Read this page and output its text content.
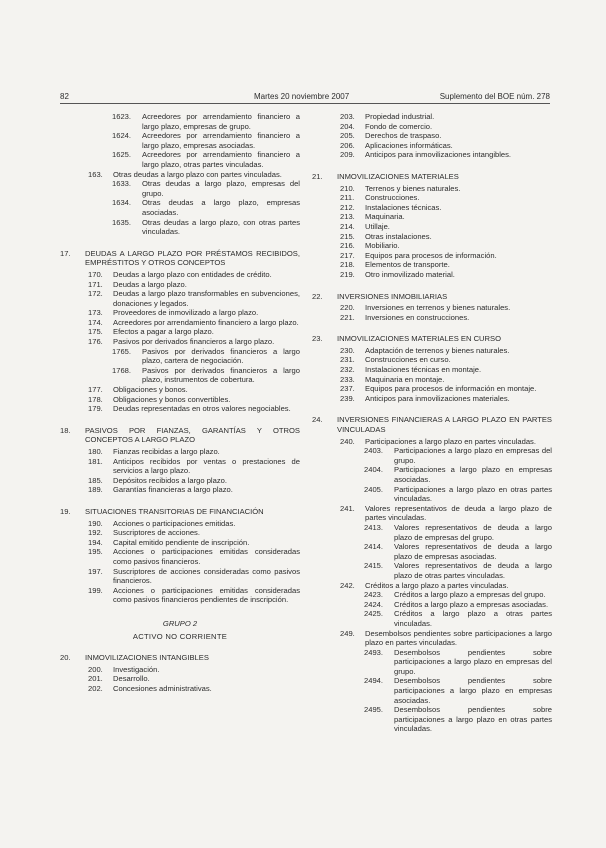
82	Martes 20 noviembre 2007	Suplemento del BOE núm. 278
1623.	Acreedores por arrendamiento financiero a largo plazo, empresas de grupo.
1624.	Acreedores por arrendamiento financiero a largo plazo, empresas asociadas.
1625.	Acreedores por arrendamiento financiero a largo plazo, otras partes vinculadas.
163.	Otras deudas a largo plazo con partes vinculadas.
1633.	Otras deudas a largo plazo, empresas del grupo.
1634.	Otras deudas a largo plazo, empresas asociadas.
1635.	Otras deudas a largo plazo, con otras partes vinculadas.
17.	DEUDAS A LARGO PLAZO POR PRÉSTAMOS RECIBIDOS, EMPRÉSTITOS Y OTROS CONCEPTOS
170.	Deudas a largo plazo con entidades de crédito.
171.	Deudas a largo plazo.
172.	Deudas a largo plazo transformables en subvenciones, donaciones y legados.
173.	Proveedores de inmovilizado a largo plazo.
174.	Acreedores por arrendamiento financiero a largo plazo.
175.	Efectos a pagar a largo plazo.
176.	Pasivos por derivados financieros a largo plazo.
1765.	Pasivos por derivados financieros a largo plazo, cartera de negociación.
1768.	Pasivos por derivados financieros a largo plazo, instrumentos de cobertura.
177.	Obligaciones y bonos.
178.	Obligaciones y bonos convertibles.
179.	Deudas representadas en otros valores negociables.
18.	PASIVOS POR FIANZAS, GARANTÍAS Y OTROS CONCEPTOS A LARGO PLAZO
180.	Fianzas recibidas a largo plazo.
181.	Anticipos recibidos por ventas o prestaciones de servicios a largo plazo.
185.	Depósitos recibidos a largo plazo.
189.	Garantías financieras a largo plazo.
19.	SITUACIONES TRANSITORIAS DE FINANCIACIÓN
190.	Acciones o participaciones emitidas.
192.	Suscriptores de acciones.
194.	Capital emitido pendiente de inscripción.
195.	Acciones o participaciones emitidas consideradas como pasivos financieros.
197.	Suscriptores de acciones consideradas como pasivos financieros.
199.	Acciones o participaciones emitidas consideradas como pasivos financieros pendientes de inscripción.
GRUPO 2
ACTIVO NO CORRIENTE
20.	INMOVILIZACIONES INTANGIBLES
200.	Investigación.
201.	Desarrollo.
202.	Concesiones administrativas.
203.	Propiedad industrial.
204.	Fondo de comercio.
205.	Derechos de traspaso.
206.	Aplicaciones informáticas.
209.	Anticipos para inmovilizaciones intangibles.
21.	INMOVILIZACIONES MATERIALES
210.	Terrenos y bienes naturales.
211.	Construcciones.
212.	Instalaciones técnicas.
213.	Maquinaria.
214.	Utillaje.
215.	Otras instalaciones.
216.	Mobiliario.
217.	Equipos para procesos de información.
218.	Elementos de transporte.
219.	Otro inmovilizado material.
22.	INVERSIONES INMOBILIARIAS
220.	Inversiones en terrenos y bienes naturales.
221.	Inversiones en construcciones.
23.	INMOVILIZACIONES MATERIALES EN CURSO
230.	Adaptación de terrenos y bienes naturales.
231.	Construcciones en curso.
232.	Instalaciones técnicas en montaje.
233.	Maquinaria en montaje.
237.	Equipos para procesos de información en montaje.
239.	Anticipos para inmovilizaciones materiales.
24.	INVERSIONES FINANCIERAS A LARGO PLAZO EN PARTES VINCULADAS
240.	Participaciones a largo plazo en partes vinculadas.
2403.	Participaciones a largo plazo en empresas del grupo.
2404.	Participaciones a largo plazo en empresas asociadas.
2405.	Participaciones a largo plazo en otras partes vinculadas.
241.	Valores representativos de deuda a largo plazo de partes vinculadas.
2413.	Valores representativos de deuda a largo plazo de empresas del grupo.
2414.	Valores representativos de deuda a largo plazo de empresas asociadas.
2415.	Valores representativos de deuda a largo plazo de otras partes vinculadas.
242.	Créditos a largo plazo a partes vinculadas.
2423.	Créditos a largo plazo a empresas del grupo.
2424.	Créditos a largo plazo a empresas asociadas.
2425.	Créditos a largo plazo a otras partes vinculadas.
249.	Desembolsos pendientes sobre participaciones a largo plazo en partes vinculadas.
2493.	Desembolsos pendientes sobre participaciones a largo plazo en empresas del grupo.
2494.	Desembolsos pendientes sobre participaciones a largo plazo en empresas asociadas.
2495.	Desembolsos pendientes sobre participaciones a largo plazo en otras partes vinculadas.
